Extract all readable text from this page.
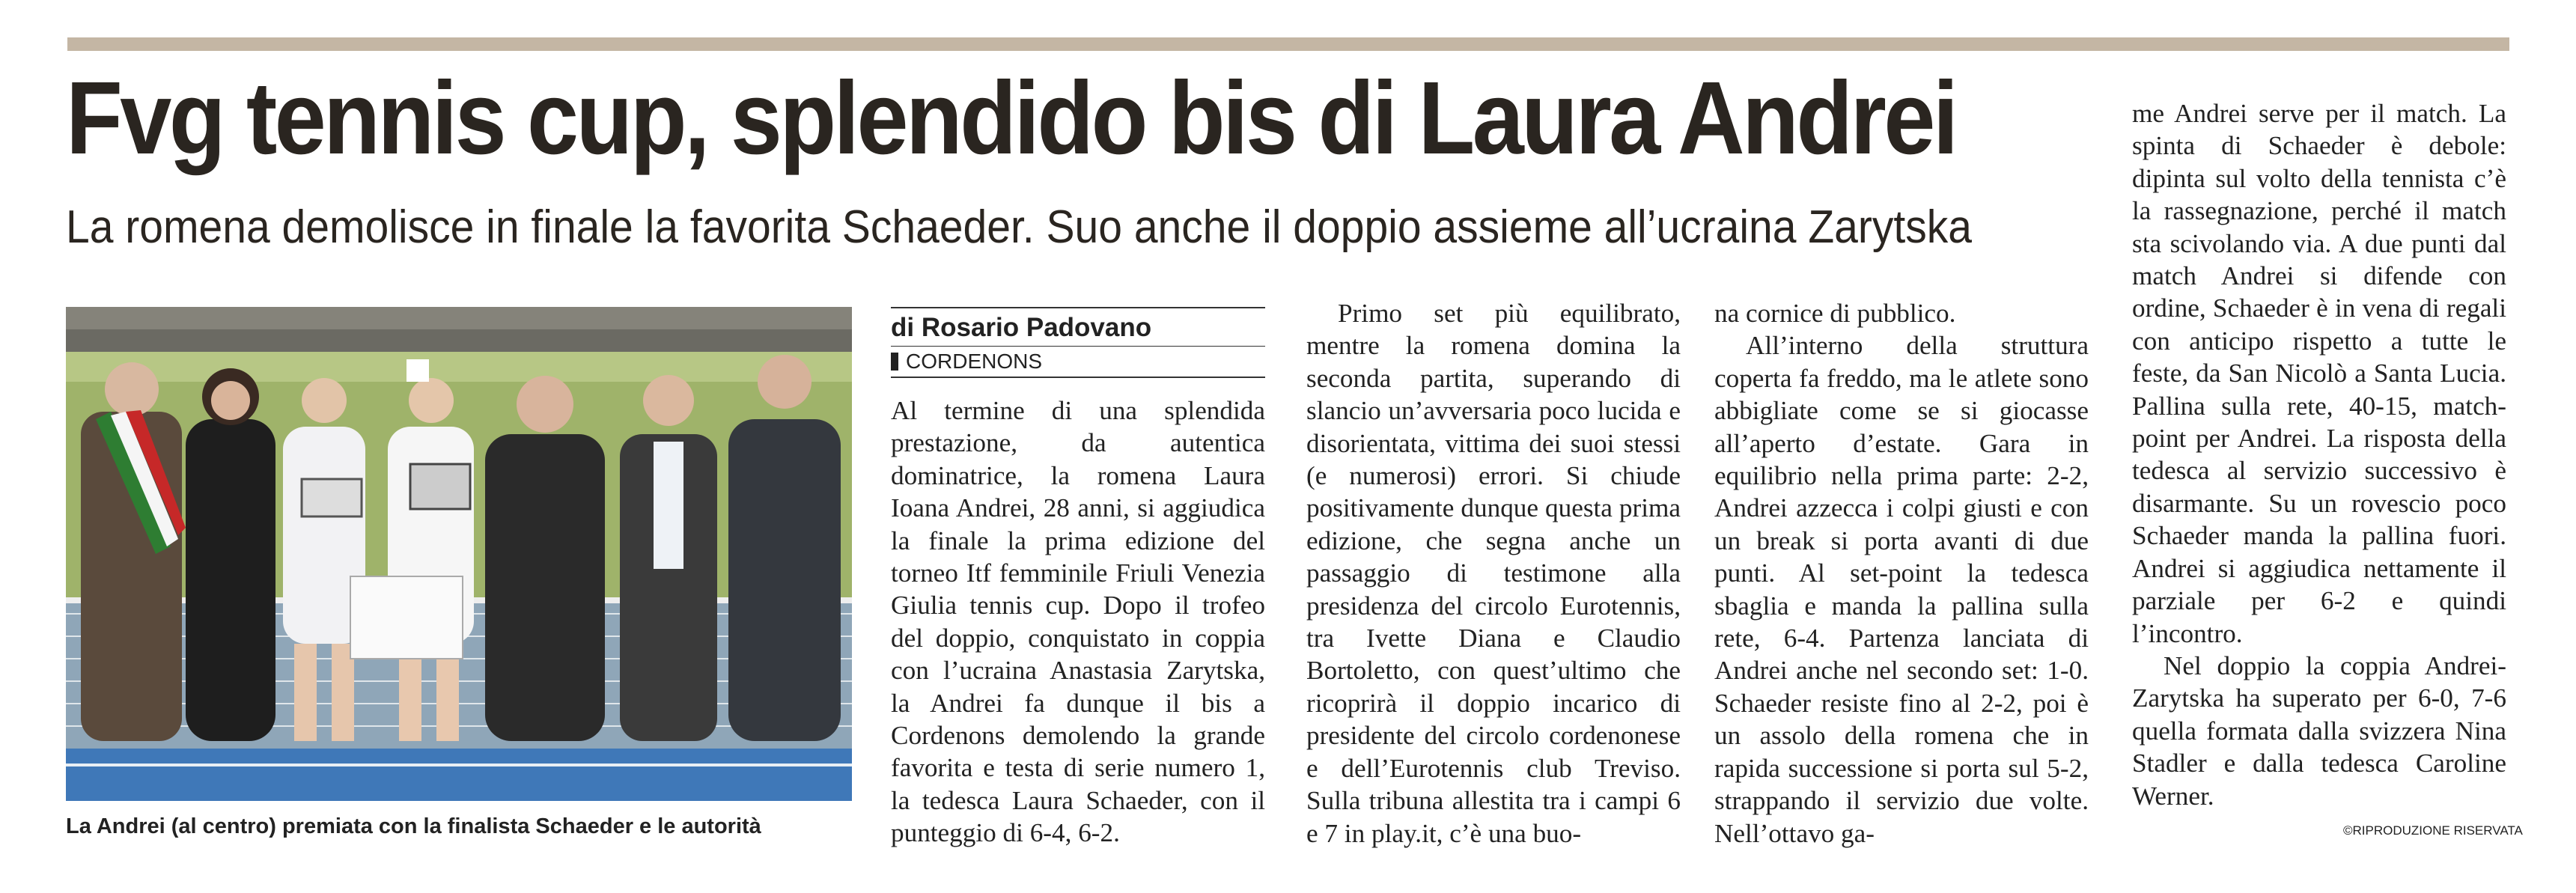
Fvg tennis cup, splendido bis di Laura Andrei
La romena demolisce in finale la favorita Schaeder. Suo anche il doppio assieme all’ucraina Zarytska
La Andrei (al centro) premiata con la finalista Schaeder e le autorità
di Rosario Padovano
CORDENONS

Al termine di una splendida prestazione, da autentica dominatrice, la romena Laura Ioana Andrei, 28 anni, si aggiudica la finale la prima edizione del torneo Itf femminile Friuli Venezia Giulia tennis cup. Dopo il trofeo del doppio, conquistato in coppia con l’ucraina Anastasia Zarytska, la Andrei fa dunque il bis a Cordenons demolendo la grande favorita e testa di serie numero 1, la tedesca Laura Schaeder, con il punteggio di 6-4, 6-2.

Primo set più equilibrato, mentre la romena domina la seconda partita, superando di slancio un’avversaria poco lucida e disorientata, vittima dei suoi stessi (e numerosi) errori. Si chiude positivamente dunque questa prima edizione, che segna anche un passaggio di testimone alla presidenza del circolo Eurotennis, tra Ivette Diana e Claudio Bortoletto, con quest’ultimo che ricoprirà il doppio incarico di presidente del circolo cordenonese e dell’Eurotennis club Treviso. Sulla tribuna allestita tra i campi 6 e 7 in play.it, c’è una buo-

na cornice di pubblico.

All’interno della struttura coperta fa freddo, ma le atlete sono abbigliate come se si giocasse all’aperto d’estate. Gara in equilibrio nella prima parte: 2-2, Andrei azzecca i colpi giusti e con un break si porta avanti di due punti. Al set-point la tedesca sbaglia e manda la pallina sulla rete, 6-4. Partenza lanciata di Andrei anche nel secondo set: 1-0. Schaeder resiste fino al 2-2, poi è un assolo della romena che in rapida successione si porta sul 5-2, strappando il servizio due volte. Nell’ottavo ga-

me Andrei serve per il match. La spinta di Schaeder è debole: dipinta sul volto della tennista c’è la rassegnazione, perché il match sta scivolando via. A due punti dal match Andrei si difende con ordine, Schaeder è in vena di regali con anticipo rispetto a tutte le feste, da San Nicolò a Santa Lucia. Pallina sulla rete, 40-15, match-point per Andrei. La risposta della tedesca al servizio successivo è disarmante. Su un rovescio poco Schaeder manda la pallina fuori. Andrei si aggiudica nettamente il parziale per 6-2 e quindi l’incontro.

Nel doppio la coppia Andrei-Zarytska ha superato per 6-0, 7-6 quella formata dalla svizzera Nina Stadler e dalla tedesca Caroline Werner.

©RIPRODUZIONE RISERVATA
